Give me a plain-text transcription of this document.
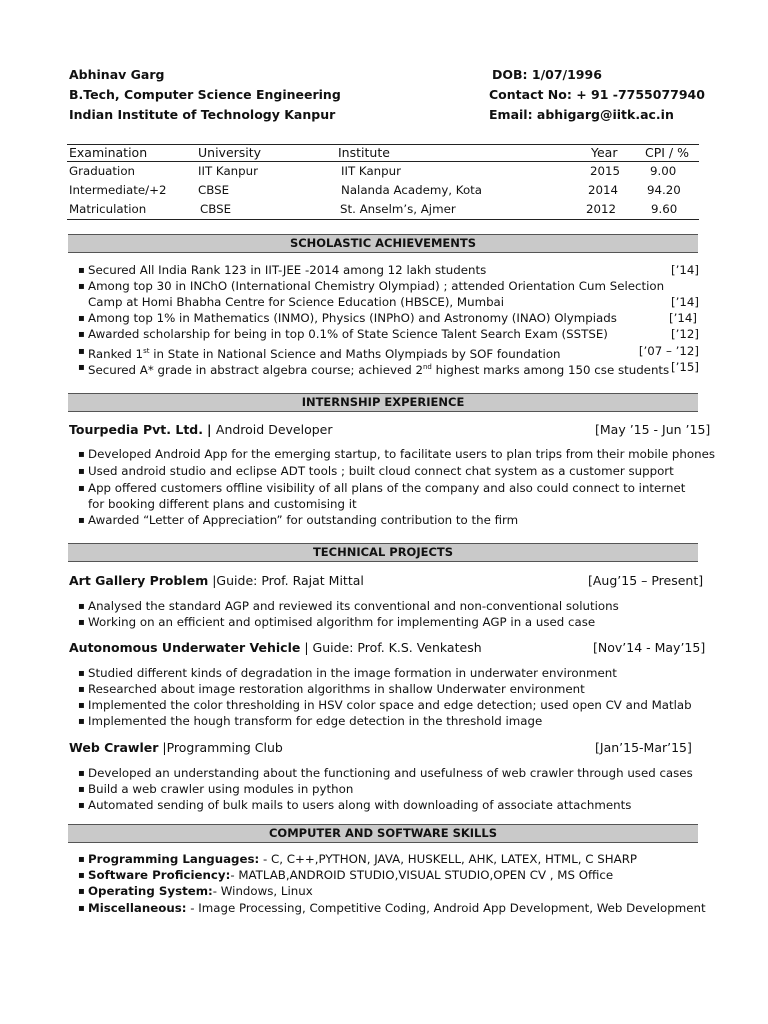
Abhinav Garg
B.Tech, Computer Science Engineering
Indian Institute of Technology Kanpur
DOB: 1/07/1996
Contact No: + 91 -7755077940
Email: abhigarg@iitk.ac.in
Examination	University	Institute	Year CPI / %
Graduation	IIT Kanpur	IIT Kanpur	2015	9.00
Intermediate/+2	CBSE	Nalanda Academy, Kota	2014 94.20
Matriculation	CBSE	St. Anselm’s, Ajmer	2012	9.60
SCHOLASTIC ACHIEVEMENTS
▪ Secured All India Rank 123 in IIT-JEE -2014 among 12 lakh students	[’14]
▪ Among top 30 in INChO (International Chemistry Olympiad) ; attended Orientation Cum Selection
Camp at Homi Bhabha Centre for Science Education (HBSCE), Mumbai	[’14]
▪ Among top 1% in Mathematics (INMO), Physics (INPhO) and Astronomy (INAO) Olympiads	[’14]
▪ Awarded scholarship for being in top 0.1% of State Science Talent Search Exam (SSTSE)	[’12]
▪ Ranked 1st in State in National Science and Maths Olympiads by SOF foundation	[’07 – ’12]
▪ Secured A* grade in abstract algebra course; achieved 2nd highest marks among 150 cse students [’15]
INTERNSHIP EXPERIENCE
Tourpedia Pvt. Ltd. | Android Developer	[May ’15 - Jun ’15]
▪ Developed Android App for the emerging startup, to facilitate users to plan trips from their mobile phones
▪ Used android studio and eclipse ADT tools ; built cloud connect chat system as a customer support
▪ App offered customers offline visibility of all plans of the company and also could connect to internet
for booking different plans and customising it
▪ Awarded “Letter of Appreciation” for outstanding contribution to the firm
TECHNICAL PROJECTS
Art Gallery Problem |Guide: Prof. Rajat Mittal	[Aug’15 – Present]
▪ Analysed the standard AGP and reviewed its conventional and non-conventional solutions
▪ Working on an efficient and optimised algorithm for implementing AGP in a used case
Autonomous Underwater Vehicle | Guide: Prof. K.S. Venkatesh	[Nov’14 - May’15]
▪ Studied different kinds of degradation in the image formation in underwater environment
▪ Researched about image restoration algorithms in shallow Underwater environment
▪ Implemented the color thresholding in HSV color space and edge detection; used open CV and Matlab
▪ Implemented the hough transform for edge detection in the threshold image
Web Crawler |Programming Club	[Jan’15-Mar’15]
▪ Developed an understanding about the functioning and usefulness of web crawler through used cases
▪ Build a web crawler using modules in python
▪ Automated sending of bulk mails to users along with downloading of associate attachments
COMPUTER AND SOFTWARE SKILLS
▪ Programming Languages: - C, C++,PYTHON, JAVA, HUSKELL, AHK, LATEX, HTML, C SHARP
▪ Software Proficiency:- MATLAB,ANDROID STUDIO,VISUAL STUDIO,OPEN CV , MS Office
▪ Operating System:- Windows, Linux
▪ Miscellaneous: - Image Processing, Competitive Coding, Android App Development, Web Development
